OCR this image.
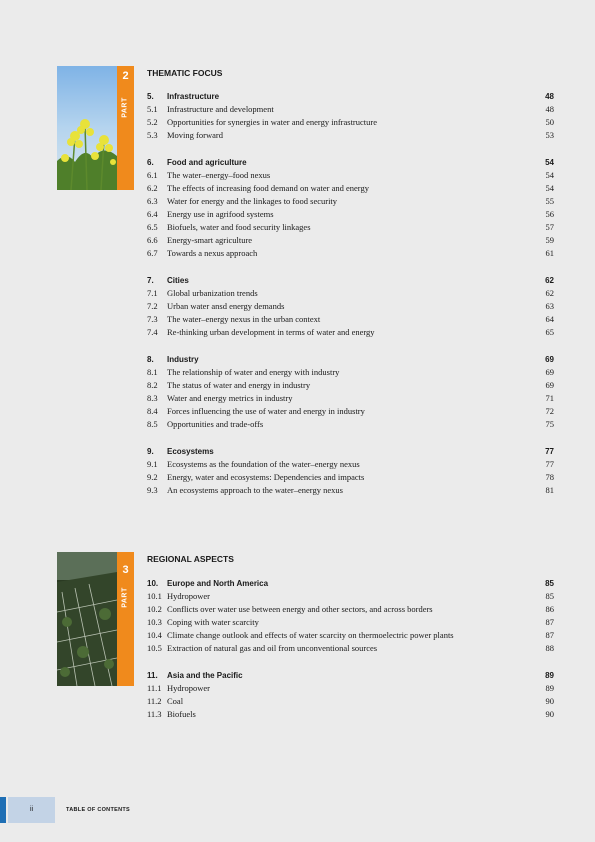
2
PART
THEMATIC FOCUS
5.	Infrastructure	48
5.1	Infrastructure and development	48
5.2	Opportunities for synergies in water and energy infrastructure	50
5.3	Moving forward	53
6.	Food and agriculture	54
6.1	The water–energy–food nexus	54
6.2	The effects of increasing food demand on water and energy	54
6.3	Water for energy and the linkages to food security	55
6.4	Energy use in agrifood systems	56
6.5	Biofuels, water and food security linkages	57
6.6	Energy-smart agriculture	59
6.7	Towards a nexus approach	61
7.	Cities	62
7.1	Global urbanization trends	62
7.2	Urban water ansd energy demands	63
7.3	The water–energy nexus in the urban context	64
7.4	Re-thinking urban development in terms of water and energy	65
8.	Industry	69
8.1	The relationship of water and energy with industry	69
8.2	The status of water and energy in industry	69
8.3	Water and energy metrics in industry	71
8.4	Forces influencing the use of water and energy in industry	72
8.5	Opportunities and trade-offs	75
9.	Ecosystems	77
9.1	Ecosystems as the foundation of the water–energy nexus	77
9.2	Energy, water and ecosystems: Dependencies and impacts	78
9.3	An ecosystems approach to the water–energy nexus	81
3
PART
REGIONAL ASPECTS
10.	Europe and North America	85
10.1 Hydropower	85
10.2 Conflicts over water use between energy and other sectors, and across borders	86
10.3 Coping with water scarcity	87
10.4 Climate change outlook and effects of water scarcity on thermoelectric power plants	87
10.5 Extraction of natural gas and oil from unconventional sources	88
11.	Asia and the Pacific	89
11.1 Hydropower	89
11.2 Coal	90
11.3 Biofuels	90
ii	TABLE OF CONTENTS
